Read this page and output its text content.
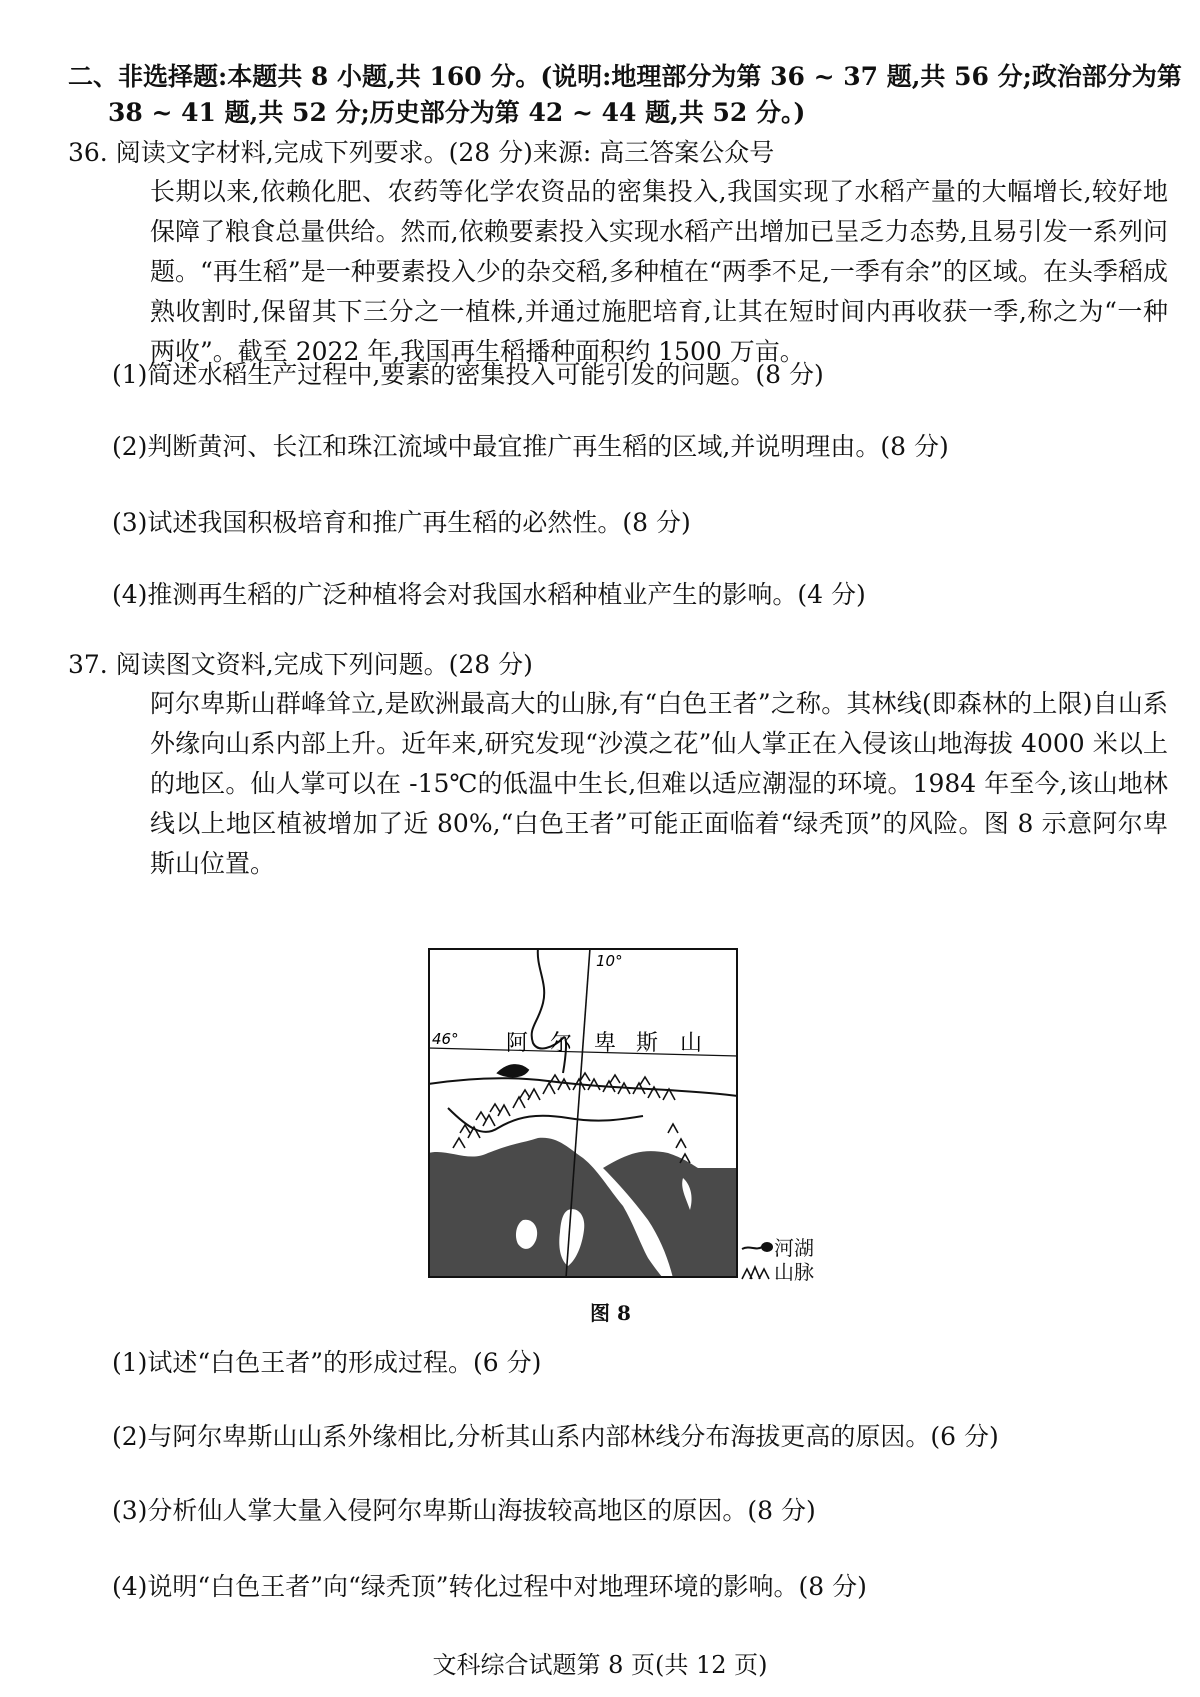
二、非选择题:本题共 8 小题,共 160 分。(说明:地理部分为第 36 ~ 37 题,共 56 分;政治部分为第
38 ~ 41 题,共 52 分;历史部分为第 42 ~ 44 题,共 52 分。)
36. 阅读文字材料,完成下列要求。(28 分)来源: 高三答案公众号
长期以来,依赖化肥、农药等化学农资品的密集投入,我国实现了水稻产量的大幅增长,较好地保障了粮食总量供给。然而,依赖要素投入实现水稻产出增加已呈乏力态势,且易引发一系列问题。“再生稻”是一种要素投入少的杂交稻,多种植在“两季不足,一季有余”的区域。在头季稻成熟收割时,保留其下三分之一植株,并通过施肥培育,让其在短时间内再收获一季,称之为“一种两收”。截至 2022 年,我国再生稻播种面积约 1500 万亩。
(1)简述水稻生产过程中,要素的密集投入可能引发的问题。(8 分)
(2)判断黄河、长江和珠江流域中最宜推广再生稻的区域,并说明理由。(8 分)
(3)试述我国积极培育和推广再生稻的必然性。(8 分)
(4)推测再生稻的广泛种植将会对我国水稻种植业产生的影响。(4 分)
37. 阅读图文资料,完成下列问题。(28 分)
阿尔卑斯山群峰耸立,是欧洲最高大的山脉,有“白色王者”之称。其林线(即森林的上限)自山系外缘向山系内部上升。近年来,研究发现“沙漠之花”仙人掌正在入侵该山地海拔 4000 米以上的地区。仙人掌可以在 -15℃的低温中生长,但难以适应潮湿的环境。1984 年至今,该山地林线以上地区植被增加了近 80%,“白色王者”可能正面临着“绿秃顶”的风险。图 8 示意阿尔卑斯山位置。
10°
46° 阿 尔 卑 斯 山
河湖
山脉
图 8
(1)试述“白色王者”的形成过程。(6 分)
(2)与阿尔卑斯山山系外缘相比,分析其山系内部林线分布海拔更高的原因。(6 分)
(3)分析仙人掌大量入侵阿尔卑斯山海拔较高地区的原因。(8 分)
(4)说明“白色王者”向“绿秃顶”转化过程中对地理环境的影响。(8 分)
文科综合试题第 8 页(共 12 页)
